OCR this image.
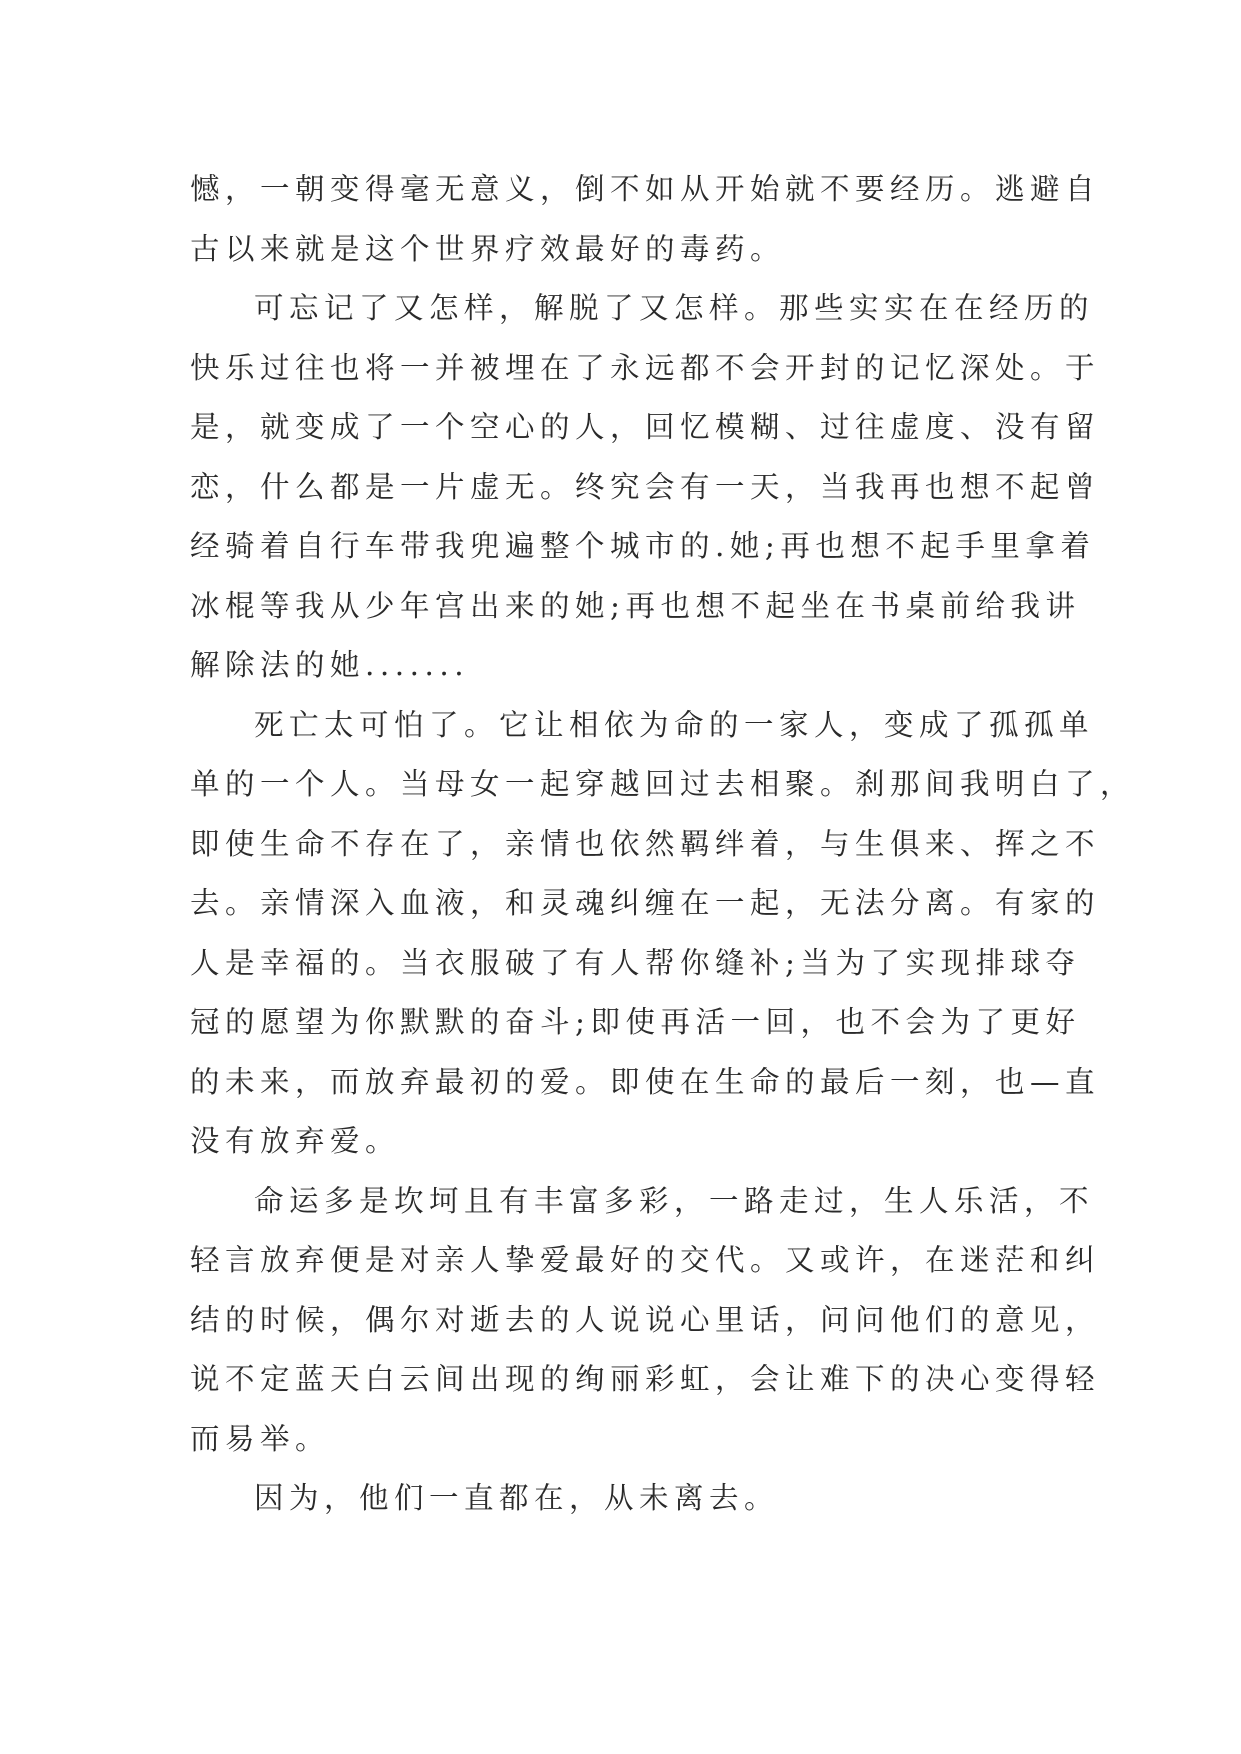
憾，一朝变得毫无意义，倒不如从开始就不要经历。逃避自
古以来就是这个世界疗效最好的毒药。
可忘记了又怎样，解脱了又怎样。那些实实在在经历的
快乐过往也将一并被埋在了永远都不会开封的记忆深处。于
是，就变成了一个空心的人，回忆模糊、过往虚度、没有留
恋，什么都是一片虚无。终究会有一天，当我再也想不起曾
经骑着自行车带我兜遍整个城市的.她;再也想不起手里拿着
冰棍等我从少年宫出来的她;再也想不起坐在书桌前给我讲
解除法的她.......
死亡太可怕了。它让相依为命的一家人，变成了孤孤单
单的一个人。当母女一起穿越回过去相聚。刹那间我明白了，
即使生命不存在了，亲情也依然羁绊着，与生俱来、挥之不
去。亲情深入血液，和灵魂纠缠在一起，无法分离。有家的
人是幸福的。当衣服破了有人帮你缝补;当为了实现排球夺
冠的愿望为你默默的奋斗;即使再活一回，也不会为了更好
的未来，而放弃最初的爱。即使在生命的最后一刻，也—直
没有放弃爱。
命运多是坎坷且有丰富多彩，一路走过，生人乐活，不
轻言放弃便是对亲人挚爱最好的交代。又或许，在迷茫和纠
结的时候，偶尔对逝去的人说说心里话，问问他们的意见，
说不定蓝天白云间出现的绚丽彩虹，会让难下的决心变得轻
而易举。
因为，他们一直都在，从未离去。
